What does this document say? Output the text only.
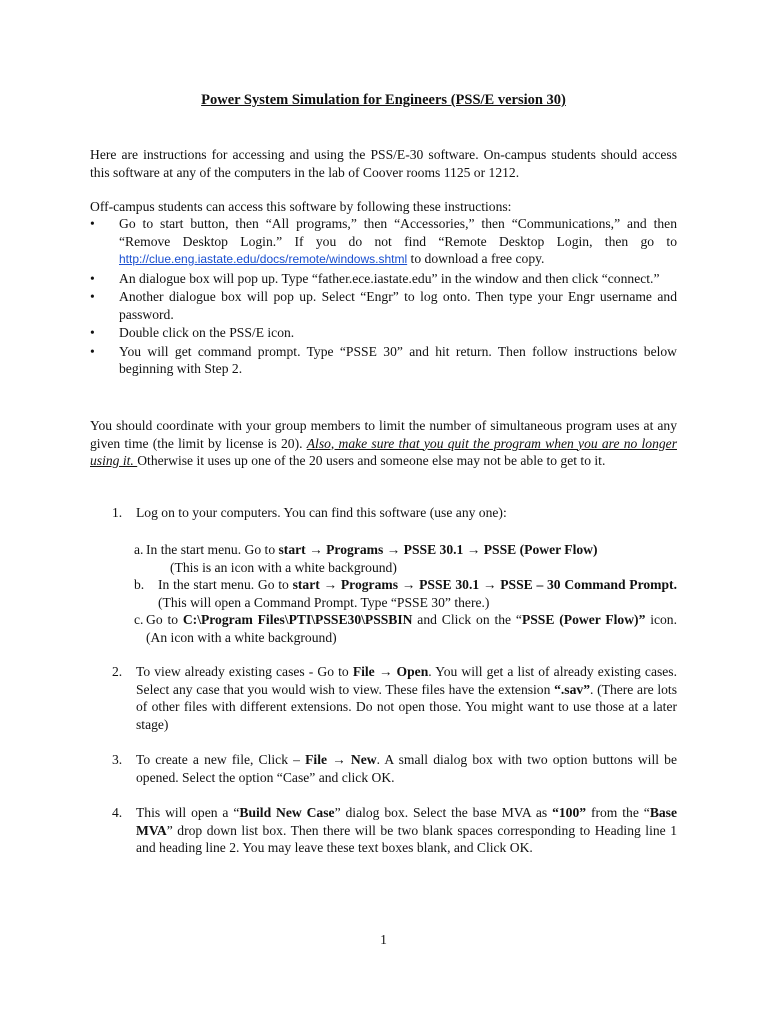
Power System Simulation for Engineers (PSS/E version 30)

Here are instructions for accessing and using the PSS/E-30 software. On-campus students should access this software at any of the computers in the lab of Coover rooms 1125 or 1212.

Off-campus students can access this software by following these instructions:

• Go to start button, then “All programs,” then “Accessories,” then “Communications,” and then “Remove Desktop Login.” If you do not find “Remote Desktop Login, then go to http://clue.eng.iastate.edu/docs/remote/windows.shtml to download a free copy.
• An dialogue box will pop up. Type “father.ece.iastate.edu” in the window and then click “connect.”
• Another dialogue box will pop up. Select “Engr” to log onto. Then type your Engr username and password.
• Double click on the PSS/E icon.
• You will get command prompt. Type “PSSE 30” and hit return. Then follow instructions below beginning with Step 2.

You should coordinate with your group members to limit the number of simultaneous program uses at any given time (the limit by license is 20). Also, make sure that you quit the program when you are no longer using it. Otherwise it uses up one of the 20 users and someone else may not be able to get to it.

1. Log on to your computers. You can find this software (use any one):
a. In the start menu. Go to start → Programs → PSSE 30.1 → PSSE (Power Flow)
(This is an icon with a white background)
b. In the start menu. Go to start → Programs → PSSE 30.1 → PSSE – 30 Command Prompt. (This will open a Command Prompt. Type “PSSE 30” there.)
c. Go to C:\Program Files\PTI\PSSE30\PSSBIN and Click on the “PSSE (Power Flow)” icon. (An icon with a white background)
2. To view already existing cases - Go to File → Open. You will get a list of already existing cases. Select any case that you would wish to view. These files have the extension “.sav”. (There are lots of other files with different extensions. Do not open those. You might want to use those at a later stage)
3. To create a new file, Click – File → New. A small dialog box with two option buttons will be opened. Select the option “Case” and click OK.
4. This will open a “Build New Case” dialog box. Select the base MVA as “100” from the “Base MVA” drop down list box. Then there will be two blank spaces corresponding to Heading line 1 and heading line 2. You may leave these text boxes blank, and Click OK.
1
